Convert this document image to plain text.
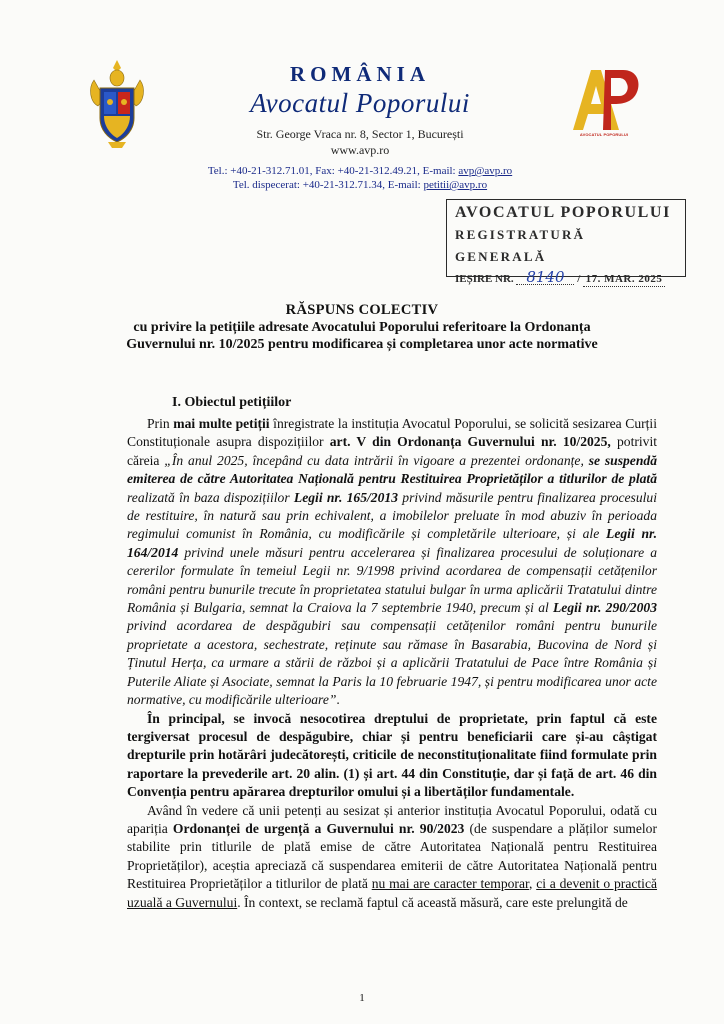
ROMÂNIA
Avocatul Poporului
Str. George Vraca nr. 8, Sector 1, București
www.avp.ro
AVOCATUL POPORULUI
Tel.: +40-21-312.71.01, Fax: +40-21-312.49.21, E-mail: avp@avp.ro
Tel. dispecerat: +40-21-312.71.34, E-mail: petitii@avp.ro
AVOCATUL POPORULUI
REGISTRATURĂ GENERALĂ
IEȘIRE NR. 8140 / 17. MAR. 2025
RĂSPUNS COLECTIV
cu privire la petițiile adresate Avocatului Poporului referitoare la Ordonanța
Guvernului nr. 10/2025 pentru modificarea și completarea unor acte normative
I. Obiectul petițiilor

Prin mai multe petiții înregistrate la instituția Avocatul Poporului, se solicită sesizarea Curții Constituționale asupra dispozițiilor art. V din Ordonanța Guvernului nr. 10/2025, potrivit căreia „În anul 2025, începând cu data intrării în vigoare a prezentei ordonanțe, se suspendă emiterea de către Autoritatea Națională pentru Restituirea Proprietăților a titlurilor de plată realizată în baza dispozițiilor Legii nr. 165/2013 privind măsurile pentru finalizarea procesului de restituire, în natură sau prin echivalent, a imobilelor preluate în mod abuziv în perioada regimului comunist în România, cu modificările și completările ulterioare, și ale Legii nr. 164/2014 privind unele măsuri pentru accelerarea și finalizarea procesului de soluționare a cererilor formulate în temeiul Legii nr. 9/1998 privind acordarea de compensații cetățenilor români pentru bunurile trecute în proprietatea statului bulgar în urma aplicării Tratatului dintre România și Bulgaria, semnat la Craiova la 7 septembrie 1940, precum și al Legii nr. 290/2003 privind acordarea de despăgubiri sau compensații cetățenilor români pentru bunurile proprietate a acestora, sechestrate, reținute sau rămase în Basarabia, Bucovina de Nord și Ținutul Herța, ca urmare a stării de război și a aplicării Tratatului de Pace între România și Puterile Aliate și Asociate, semnat la Paris la 10 februarie 1947, și pentru modificarea unor acte normative, cu modificările ulterioare”.

În principal, se invocă nesocotirea dreptului de proprietate, prin faptul că este tergiversat procesul de despăgubire, chiar și pentru beneficiarii care și-au câștigat drepturile prin hotărâri judecătorești, criticile de neconstituționalitate fiind formulate prin raportare la prevederile art. 20 alin. (1) și art. 44 din Constituție, dar și față de art. 46 din Convenția pentru apărarea drepturilor omului și a libertăților fundamentale.

Având în vedere că unii petenți au sesizat și anterior instituția Avocatul Poporului, odată cu apariția Ordonanței de urgență a Guvernului nr. 90/2023 (de suspendare a plăților sumelor stabilite prin titlurile de plată emise de către Autoritatea Națională pentru Restituirea Proprietăților), aceștia apreciază că suspendarea emiterii de către Autoritatea Națională pentru Restituirea Proprietăților a titlurilor de plată nu mai are caracter temporar, ci a devenit o practică uzuală a Guvernului. În context, se reclamă faptul că această măsură, care este prelungită de

1
